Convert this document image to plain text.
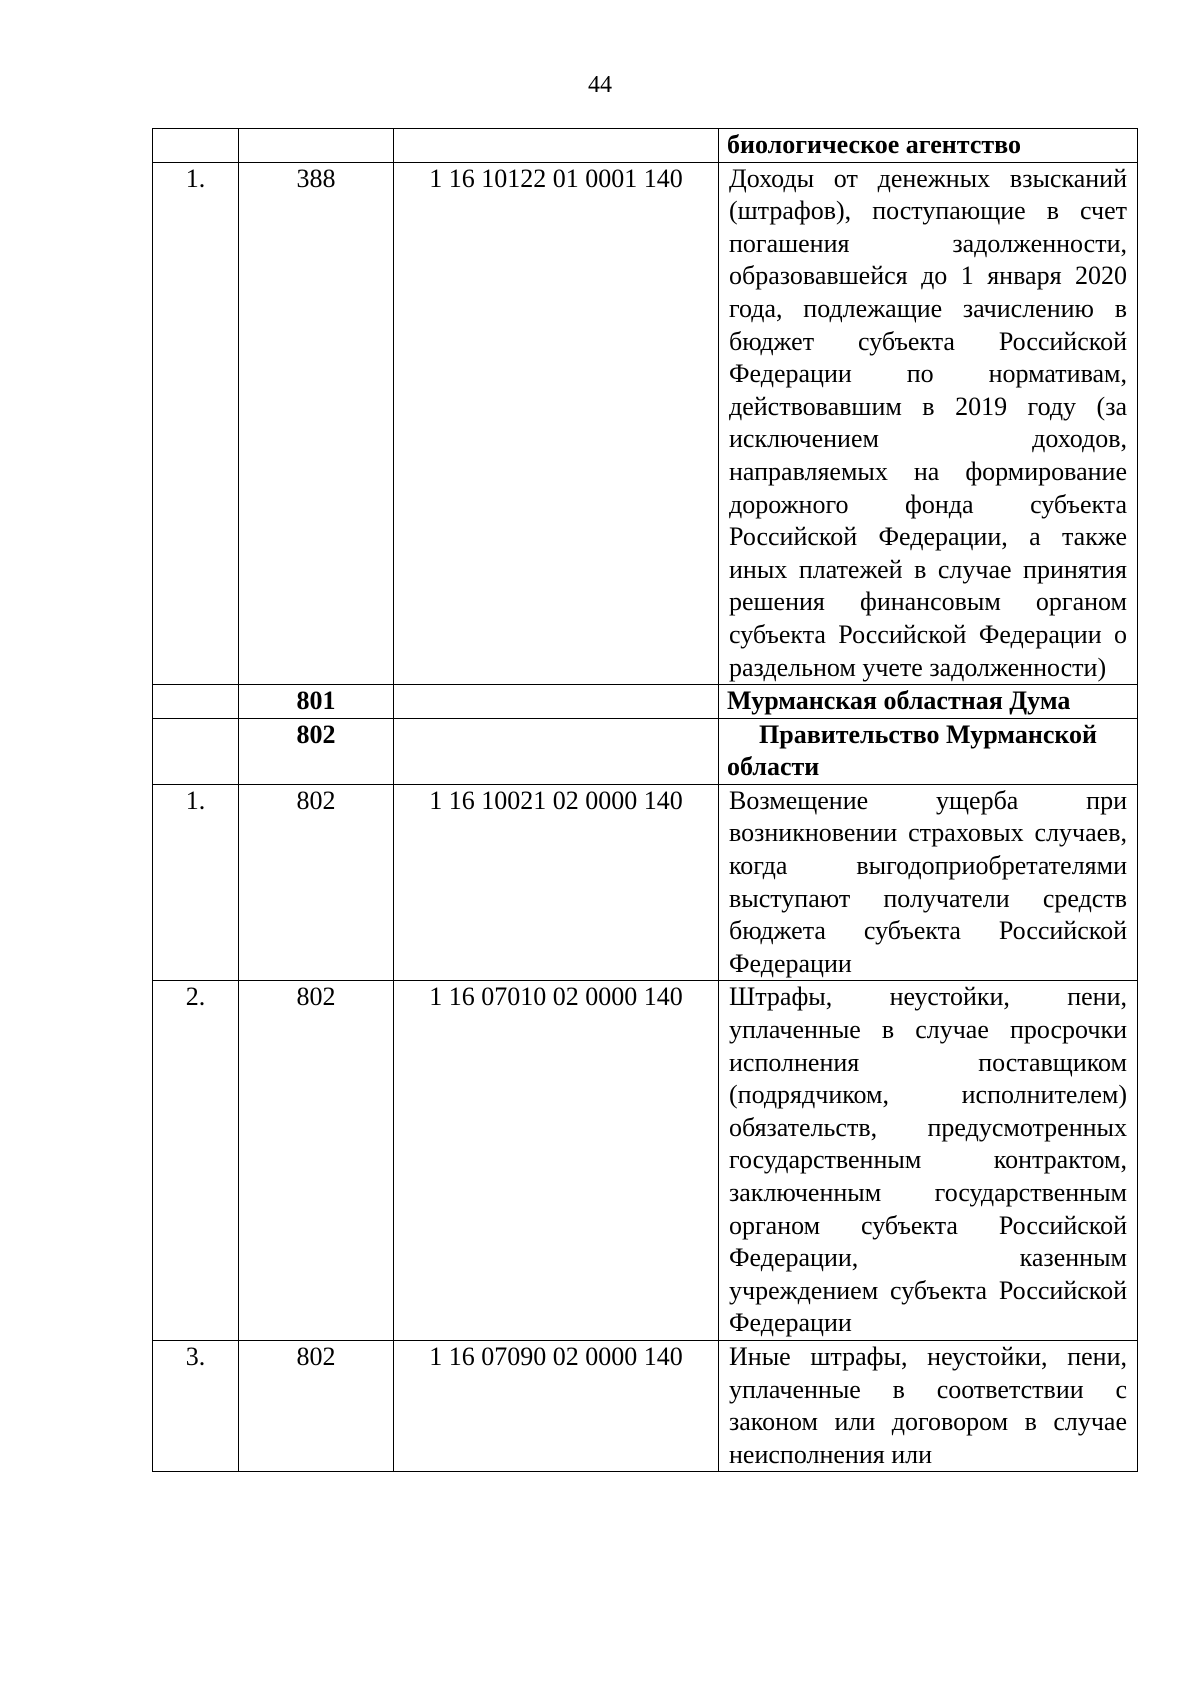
44
			биологическое агентство
1.	388	1 16 10122 01 0001 140	Доходы от денежных взысканий (штрафов), поступающие в счет погашения задолженности, образовавшейся до 1 января 2020 года, подлежащие зачислению в бюджет субъекта Российской Федерации по нормативам, действовавшим в 2019 году (за исключением доходов, направляемых на формирование дорожного фонда субъекта Российской Федерации, а также иных платежей в случае принятия решения финансовым органом субъекта Российской Федерации о раздельном учете задолженности)
	801		Мурманская областная Дума
	802		Правительство Мурманской области
1.	802	1 16 10021 02 0000 140	Возмещение ущерба при возникновении страховых случаев, когда выгодоприобретателями выступают получатели средств бюджета субъекта Российской Федерации
2.	802	1 16 07010 02 0000 140	Штрафы, неустойки, пени, уплаченные в случае просрочки исполнения поставщиком (подрядчиком, исполнителем) обязательств, предусмотренных государственным контрактом, заключенным государственным органом субъекта Российской Федерации, казенным учреждением субъекта Российской Федерации
3.	802	1 16 07090 02 0000 140	Иные штрафы, неустойки, пени, уплаченные в соответствии с законом или договором в случае неисполнения или
